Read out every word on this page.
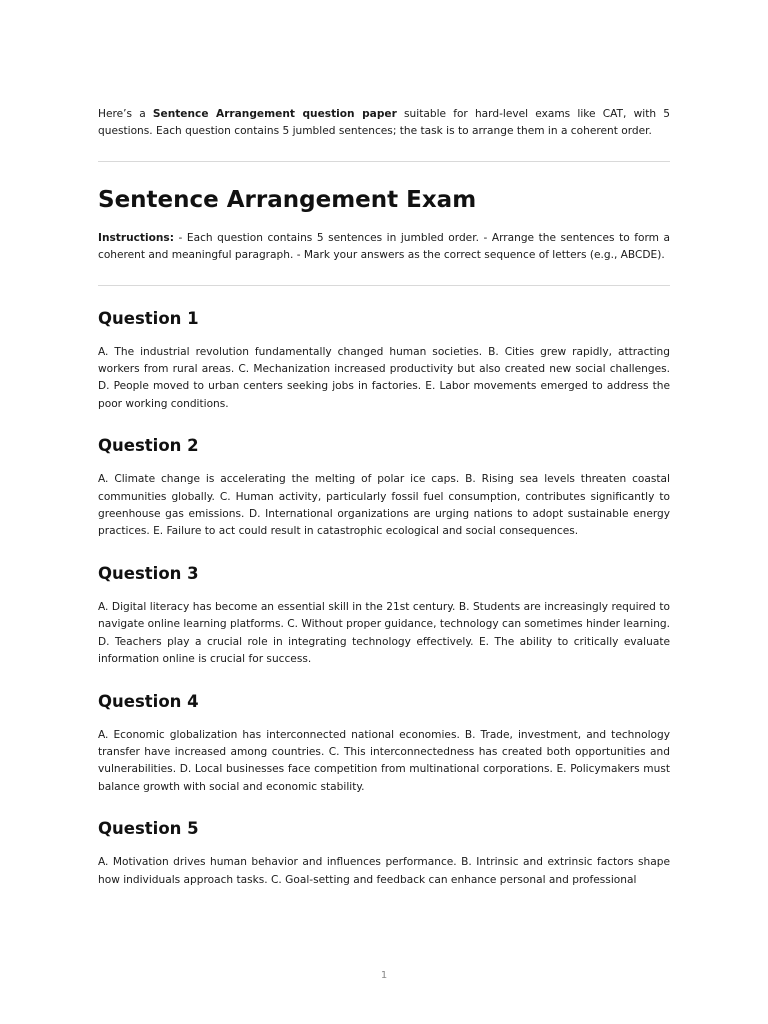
Here’s a Sentence Arrangement question paper suitable for hard-level exams like CAT, with 5 questions. Each question contains 5 jumbled sentences; the task is to arrange them in a coherent order.

Sentence Arrangement Exam

Instructions: - Each question contains 5 sentences in jumbled order. - Arrange the sentences to form a coherent and meaningful paragraph. - Mark your answers as the correct sequence of letters (e.g., ABCDE).

Question 1

A. The industrial revolution fundamentally changed human societies. B. Cities grew rapidly, attracting workers from rural areas. C. Mechanization increased productivity but also created new social challenges. D. People moved to urban centers seeking jobs in factories. E. Labor movements emerged to address the poor working conditions.

Question 2

A. Climate change is accelerating the melting of polar ice caps. B. Rising sea levels threaten coastal communities globally. C. Human activity, particularly fossil fuel consumption, contributes significantly to greenhouse gas emissions. D. International organizations are urging nations to adopt sustainable energy practices. E. Failure to act could result in catastrophic ecological and social consequences.

Question 3

A. Digital literacy has become an essential skill in the 21st century. B. Students are increasingly required to navigate online learning platforms. C. Without proper guidance, technology can sometimes hinder learning. D. Teachers play a crucial role in integrating technology effectively. E. The ability to critically evaluate information online is crucial for success.

Question 4

A. Economic globalization has interconnected national economies. B. Trade, investment, and technology transfer have increased among countries. C. This interconnectedness has created both opportunities and vulnerabilities. D. Local businesses face competition from multinational corporations. E. Policymakers must balance growth with social and economic stability.

Question 5

A. Motivation drives human behavior and influences performance. B. Intrinsic and extrinsic factors shape how individuals approach tasks. C. Goal-setting and feedback can enhance personal and professional

1
